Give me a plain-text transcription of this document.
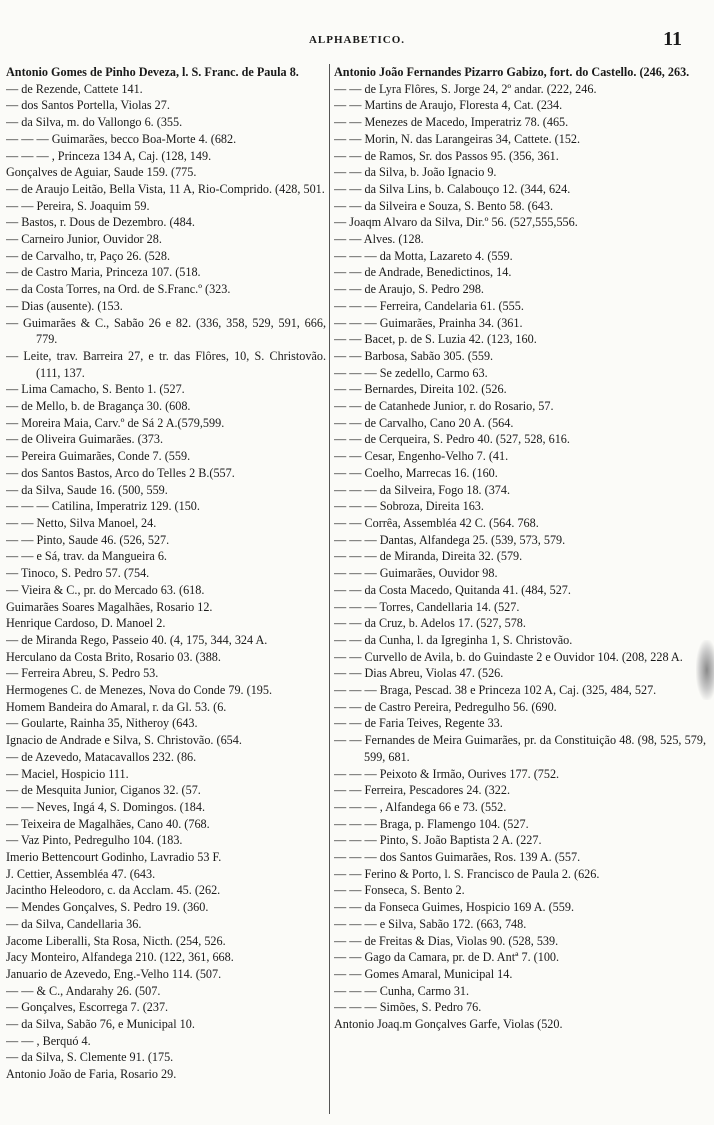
ALPHABETICO.	11
Antonio Gomes de Pinho Deveza, l. S. Franc. de Paula 8.
— de Rezende, Cattete 141.
— dos Santos Portella, Violas 27.
— da Silva, m. do Vallongo 6. (355.
— — — Guimarães, becco Boa-Morte 4. (682.
— — — , Princeza 134 A, Caj. (128, 149.
Gonçalves de Aguiar, Saude 159. (775.
— de Araujo Leitão, Bella Vista, 11 A, Rio-Comprido. (428, 501.
— — Pereira, S. Joaquim 59.
— Bastos, r. Dous de Dezembro. (484.
— Carneiro Junior, Ouvidor 28.
— de Carvalho, tr, Paço 26. (528.
— de Castro Maria, Princeza 107. (518.
— da Costa Torres, na Ord. de S.Franc.º (323.
— Dias (ausente). (153.
— Guimarães & C., Sabão 26 e 82. (336, 358, 529, 591, 666, 779.
— Leite, trav. Barreira 27, e tr. das Flôres, 10, S. Christovão. (111, 137.
— Lima Camacho, S. Bento 1. (527.
— de Mello, b. de Bragança 30. (608.
— Moreira Maia, Carv.º de Sá 2 A.(579,599.
— de Oliveira Guimarães. (373.
— Pereira Guimarães, Conde 7. (559.
— dos Santos Bastos, Arco do Telles 2 B.(557.
— da Silva, Saude 16. (500, 559.
— — — Catilina, Imperatriz 129. (150.
— — Netto, Silva Manoel, 24.
— — Pinto, Saude 46. (526, 527.
— — e Sá, trav. da Mangueira 6.
— Tinoco, S. Pedro 57. (754.
— Vieira & C., pr. do Mercado 63. (618.
Guimarães Soares Magalhães, Rosario 12.
Henrique Cardoso, D. Manoel 2.
— de Miranda Rego, Passeio 40. (4, 175, 344, 324 A.
Herculano da Costa Brito, Rosario 03. (388.
— Ferreira Abreu, S. Pedro 53.
Hermogenes C. de Menezes, Nova do Conde 79. (195.
Homem Bandeira do Amaral, r. da Gl. 53. (6.
— Goularte, Rainha 35, Nitheroy (643.
Ignacio de Andrade e Silva, S. Christovão. (654.
— de Azevedo, Matacavallos 232. (86.
— Maciel, Hospicio 111.
— de Mesquita Junior, Ciganos 32. (57.
— — Neves, Ingá 4, S. Domingos. (184.
— Teixeira de Magalhães, Cano 40. (768.
— Vaz Pinto, Pedregulho 104. (183.
Imerio Bettencourt Godinho, Lavradio 53 F.
J. Cettier, Assembléa 47. (643.
Jacintho Heleodoro, c. da Acclam. 45. (262.
— Mendes Gonçalves, S. Pedro 19. (360.
— da Silva, Candellaria 36.
Jacome Liberalli, Sta Rosa, Nicth. (254, 526.
Jacy Monteiro, Alfandega 210. (122, 361, 668.
Januario de Azevedo, Eng.-Velho 114. (507.
— — & C., Andarahy 26. (507.
— Gonçalves, Escorrega 7. (237.
— da Silva, Sabão 76, e Municipal 10.
— — , Berquó 4.
— da Silva, S. Clemente 91. (175.
Antonio João de Faria, Rosario 29.
Antonio João Fernandes Pizarro Gabizo, fort. do Castello. (246, 263.
— — de Lyra Flôres, S. Jorge 24, 2º andar. (222, 246.
— — Martins de Araujo, Floresta 4, Cat. (234.
— — Menezes de Macedo, Imperatriz 78. (465.
— — Morin, N. das Larangeiras 34, Cattete. (152.
— — de Ramos, Sr. dos Passos 95. (356, 361.
— — da Silva, b. João Ignacio 9.
— — da Silva Lins, b. Calabouço 12. (344, 624.
— — da Silveira e Souza, S. Bento 58. (643.
— Joaqm Alvaro da Silva, Dir.º 56. (527,555,556.
— — Alves. (128.
— — — da Motta, Lazareto 4. (559.
— — de Andrade, Benedictinos, 14.
— — de Araujo, S. Pedro 298.
— — — Ferreira, Candelaria 61. (555.
— — — Guimarães, Prainha 34. (361.
— — Bacet, p. de S. Luzia 42. (123, 160.
— — Barbosa, Sabão 305. (559.
— — — Se zedello, Carmo 63.
— — Bernardes, Direita 102. (526.
— — de Catanhede Junior, r. do Rosario, 57.
— — de Carvalho, Cano 20 A. (564.
— — de Cerqueira, S. Pedro 40. (527, 528, 616.
— — Cesar, Engenho-Velho 7. (41.
— — Coelho, Marrecas 16. (160.
— — — da Silveira, Fogo 18. (374.
— — — Sobroza, Direita 163.
— — Corrêa, Assembléa 42 C. (564. 768.
— — — Dantas, Alfandega 25. (539, 573, 579.
— — — de Miranda, Direita 32. (579.
— — — Guimarães, Ouvidor 98.
— — da Costa Macedo, Quitanda 41. (484, 527.
— — — Torres, Candellaria 14. (527.
— — da Cruz, b. Adelos 17. (527, 578.
— — da Cunha, l. da Igreginha 1, S. Christovão.
— — Curvello de Avila, b. do Guindaste 2 e Ouvidor 104. (208, 228 A.
— — Dias Abreu, Violas 47. (526.
— — — Braga, Pescad. 38 e Princeza 102 A, Caj. (325, 484, 527.
— — de Castro Pereira, Pedregulho 56. (690.
— — de Faria Teives, Regente 33.
— — Fernandes de Meira Guimarães, pr. da Constituição 48. (98, 525, 579, 599, 681.
— — — Peixoto & Irmão, Ourives 177. (752.
— — Ferreira, Pescadores 24. (322.
— — — , Alfandega 66 e 73. (552.
— — — Braga, p. Flamengo 104. (527.
— — — Pinto, S. João Baptista 2 A. (227.
— — — dos Santos Guimarães, Ros. 139 A. (557.
— — Ferino & Porto, l. S. Francisco de Paula 2. (626.
— — Fonseca, S. Bento 2.
— — da Fonseca Guimes, Hospicio 169 A. (559.
— — — e Silva, Sabão 172. (663, 748.
— — de Freitas & Dias, Violas 90. (528, 539.
— — Gago da Camara, pr. de D. Antª 7. (100.
— — Gomes Amaral, Municipal 14.
— — — Cunha, Carmo 31.
— — — Simões, S. Pedro 76.
Antonio Joaq.m Gonçalves Garfe, Violas (520.
